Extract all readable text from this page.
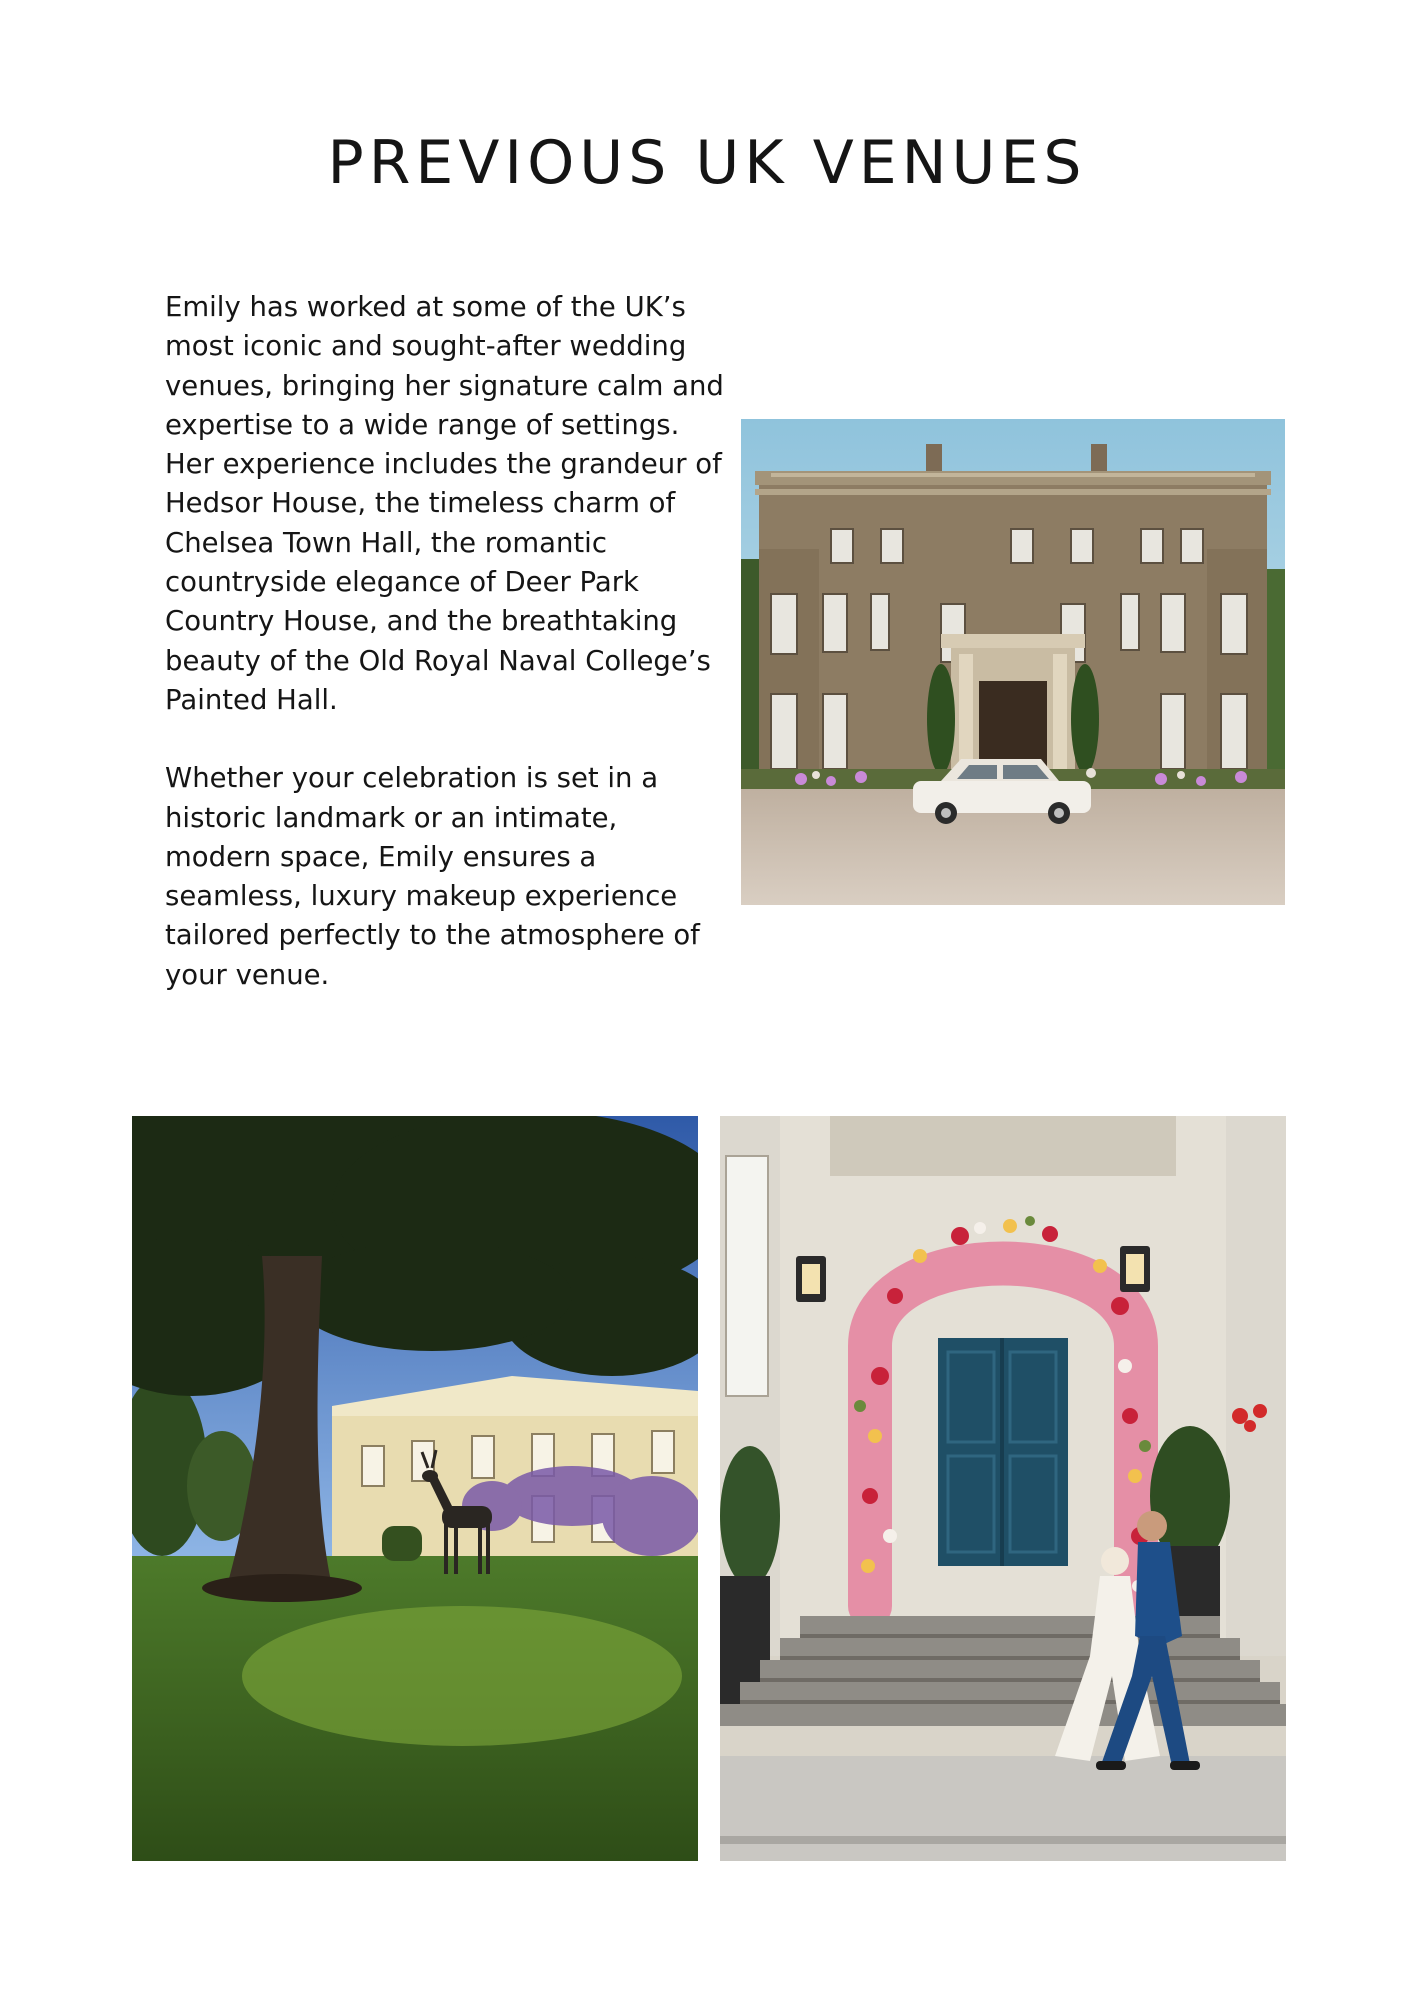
PREVIOUS UK VENUES

Emily has worked at some of the UK’s most iconic and sought-after wedding venues, bringing her signature calm and expertise to a wide range of settings. Her experience includes the grandeur of Hedsor House, the timeless charm of Chelsea Town Hall, the romantic countryside elegance of Deer Park Country House, and the breathtaking beauty of the Old Royal Naval College’s Painted Hall.

Whether your celebration is set in a historic landmark or an intimate, modern space, Emily ensures a seamless, luxury makeup experience tailored perfectly to the atmosphere of your venue.
